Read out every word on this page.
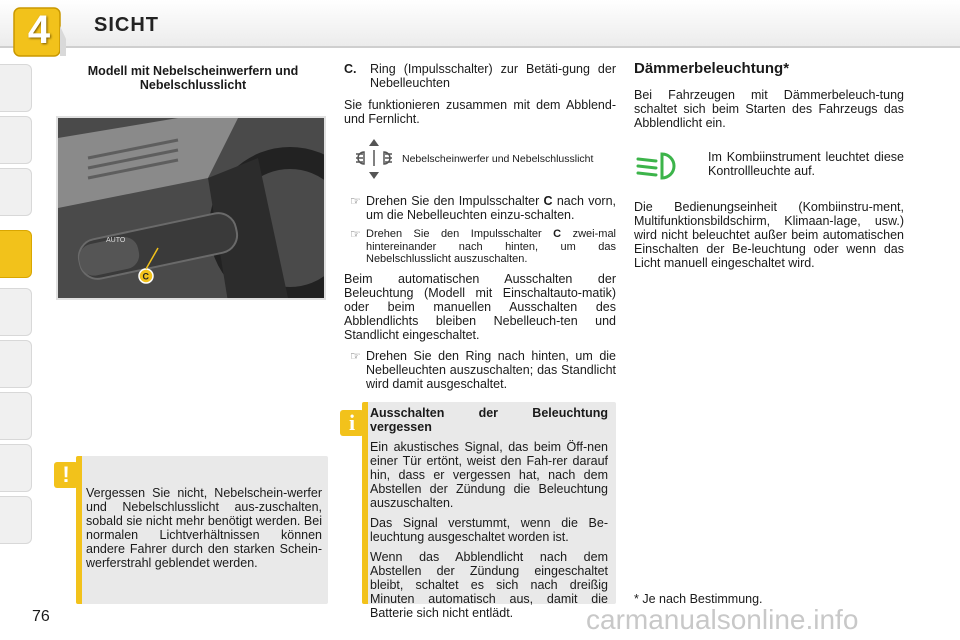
4	SICHT
Modell mit Nebelscheinwerfern und
Nebelschlusslicht
AUTO
C
!
Vergessen Sie nicht, Nebelschein-werfer und Nebelschlusslicht aus-zuschalten, sobald sie nicht mehr benötigt werden. Bei normalen Lichtverhältnissen können andere Fahrer durch den starken Schein-werferstrahl geblendet werden.
C.	Ring (Impulsschalter) zur Betäti-gung der Nebelleuchten

Sie funktionieren zusammen mit dem Abblend- und Fernlicht.

Nebelscheinwerfer und Nebelschlusslicht
☞ Drehen Sie den Impulsschalter C nach vorn, um die Nebelleuchten einzu-schalten.
☞ Drehen Sie den Impulsschalter C zwei-mal hintereinander nach hinten, um das Nebelschlusslicht auszuschalten.

Beim automatischen Ausschalten der Beleuchtung (Modell mit Einschaltauto-matik) oder beim manuellen Ausschalten des Abblendlichts bleiben Nebelleuch-ten und Standlicht eingeschaltet.

☞ Drehen Sie den Ring nach hinten, um die Nebelleuchten auszuschalten; das Standlicht wird damit ausgeschaltet.
i	Ausschalten der Beleuchtung vergessen

Ein akustisches Signal, das beim Öff-nen einer Tür ertönt, weist den Fah-rer darauf hin, dass er vergessen hat, nach dem Abstellen der Zündung die Beleuchtung auszuschalten.

Das Signal verstummt, wenn die Be-leuchtung ausgeschaltet worden ist.

Wenn das Abblendlicht nach dem Abstellen der Zündung eingeschaltet bleibt, schaltet es sich nach dreißig Minuten automatisch aus, damit die Batterie sich nicht entlädt.

Dämmerbeleuchtung*

Bei Fahrzeugen mit Dämmerbeleuch-tung schaltet sich beim Starten des Fahrzeugs das Abblendlicht ein.

Im Kombiinstrument leuchtet diese Kontrollleuchte auf.

Die Bedienungseinheit (Kombiinstru-ment, Multifunktionsbildschirm, Klimaan-lage, usw.) wird nicht beleuchtet außer beim automatischen Einschalten der Be-leuchtung oder wenn das Licht manuell eingeschaltet wird.

* Je nach Bestimmung.
76	carmanualsonline.info
